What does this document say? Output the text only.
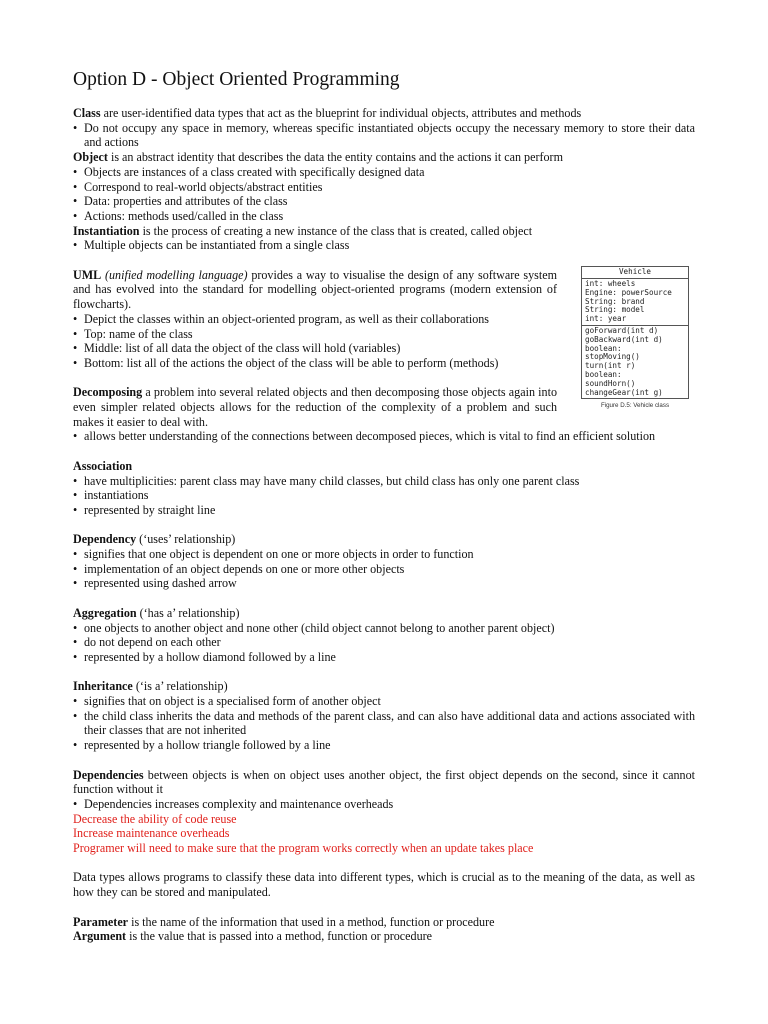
Option D - Object Oriented Programming

Class are user-identified data types that act as the blueprint for individual objects, attributes and methods

• Do not occupy any space in memory, whereas specific instantiated objects occupy the necessary memory to store their data and actions

Object is an abstract identity that describes the data the entity contains and the actions it can perform

• Objects are instances of a class created with specifically designed data
• Correspond to real-world objects/abstract entities
• Data: properties and attributes of the class
• Actions: methods used/called in the class

Instantiation is the process of creating a new instance of the class that is created, called object

• Multiple objects can be instantiated from a single class

UML (unified modelling language) provides a way to visualise the design of any software system and has evolved into the standard for modelling object-oriented programs (modern extension of flowcharts).

• Depict the classes within an object-oriented program, as well as their collaborations
• Top: name of the class
• Middle: list of all data the object of the class will hold (variables)
• Bottom: list all of the actions the object of the class will be able to perform (methods)

Decomposing a problem into several related objects and then decomposing those objects again into even simpler related objects allows for the reduction of the complexity of a problem and such makes it easier to deal with.

• allows better understanding of the connections between decomposed pieces, which is vital to find an efficient solution

Association

• have multiplicities: parent class may have many child classes, but child class has only one parent class
• instantiations
• represented by straight line

Dependency (‘uses’ relationship)

• signifies that one object is dependent on one or more objects in order to function
• implementation of an object depends on one or more other objects
• represented using dashed arrow

Aggregation (‘has a’ relationship)

• one objects to another object and none other (child object cannot belong to another parent object)
• do not depend on each other
• represented by a hollow diamond followed by a line

Inheritance (‘is a’ relationship)

• signifies that on object is a specialised form of another object
• the child class inherits the data and methods of the parent class, and can also have additional data and actions associated with their classes that are not inherited
• represented by a hollow triangle followed by a line

Dependencies between objects is when on object uses another object, the first object depends on the second, since it cannot function without it

• Dependencies increases complexity and maintenance overheads

Decrease the ability of code reuse

Increase maintenance overheads

Programer will need to make sure that the program works correctly when an update takes place

Data types allows programs to classify these data into different types, which is crucial as to the meaning of the data, as well as how they can be stored and manipulated.

Parameter is the name of the information that used in a method, function or procedure

Argument is the value that is passed into a method, function or procedure

Vehicle
int: wheels
Engine: powerSource
String: brand
String: model
int: year
goForward(int d)
goBackward(int d)
boolean:
stopMoving()
turn(int r)
boolean:
soundHorn()
changeGear(int g)
Figure D.5: Vehicle class
